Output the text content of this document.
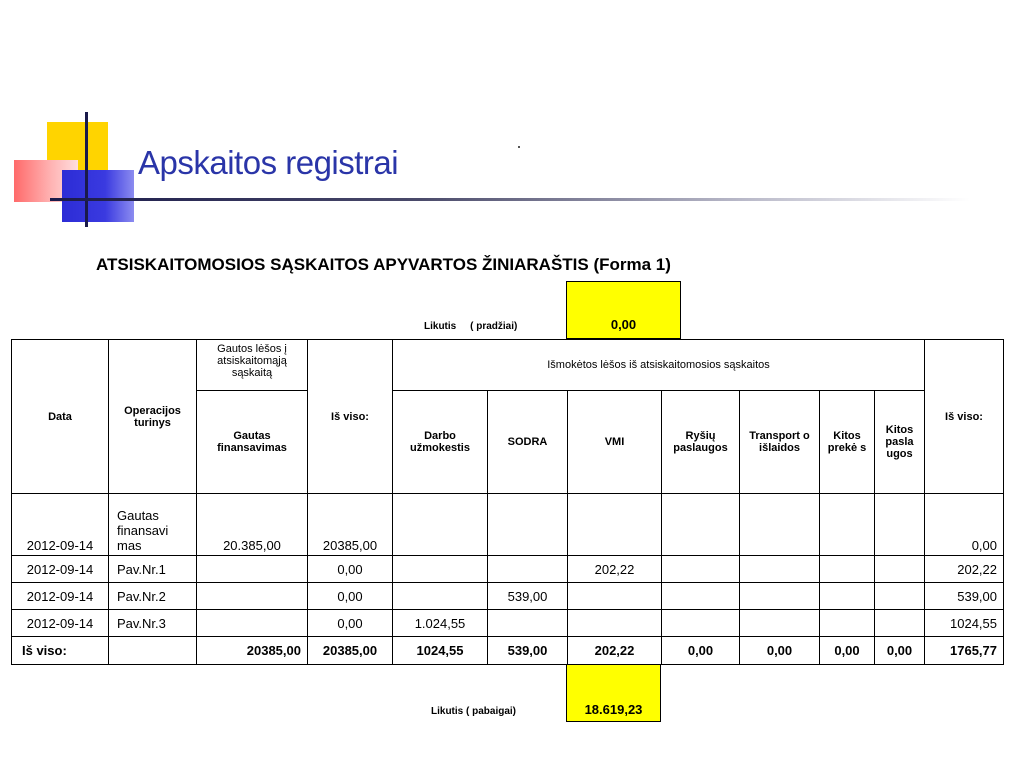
Apskaitos registrai
ATSISKAITOMOSIOS SĄSKAITOS APYVARTOS ŽINIARAŠTIS (Forma 1)
Likutis     ( pradžiai)	0,00
Data	Operacijos turinys	Gautos lėšos į atsiskaitomąją sąskaitą	Iš viso:	Išmokėtos lėšos iš atsiskaitomosios sąskaitos							Iš viso:
		Gautas finansavimas		Darbo užmokestis	SODRA	VMI	Ryšių paslaugos	Transport o išlaidos	Kitos prekė s	Kitos pasla ugos	
2012-09-14	Gautas finansavi mas	20.385,00	20385,00								0,00
2012-09-14	Pav.Nr.1		0,00			202,22					202,22
2012-09-14	Pav.Nr.2		0,00		539,00						539,00
2012-09-14	Pav.Nr.3		0,00	1.024,55							1024,55
Iš viso:		20385,00	20385,00	1024,55	539,00	202,22	0,00	0,00	0,00	0,00	1765,77
Likutis ( pabaigai)	18.619,23
